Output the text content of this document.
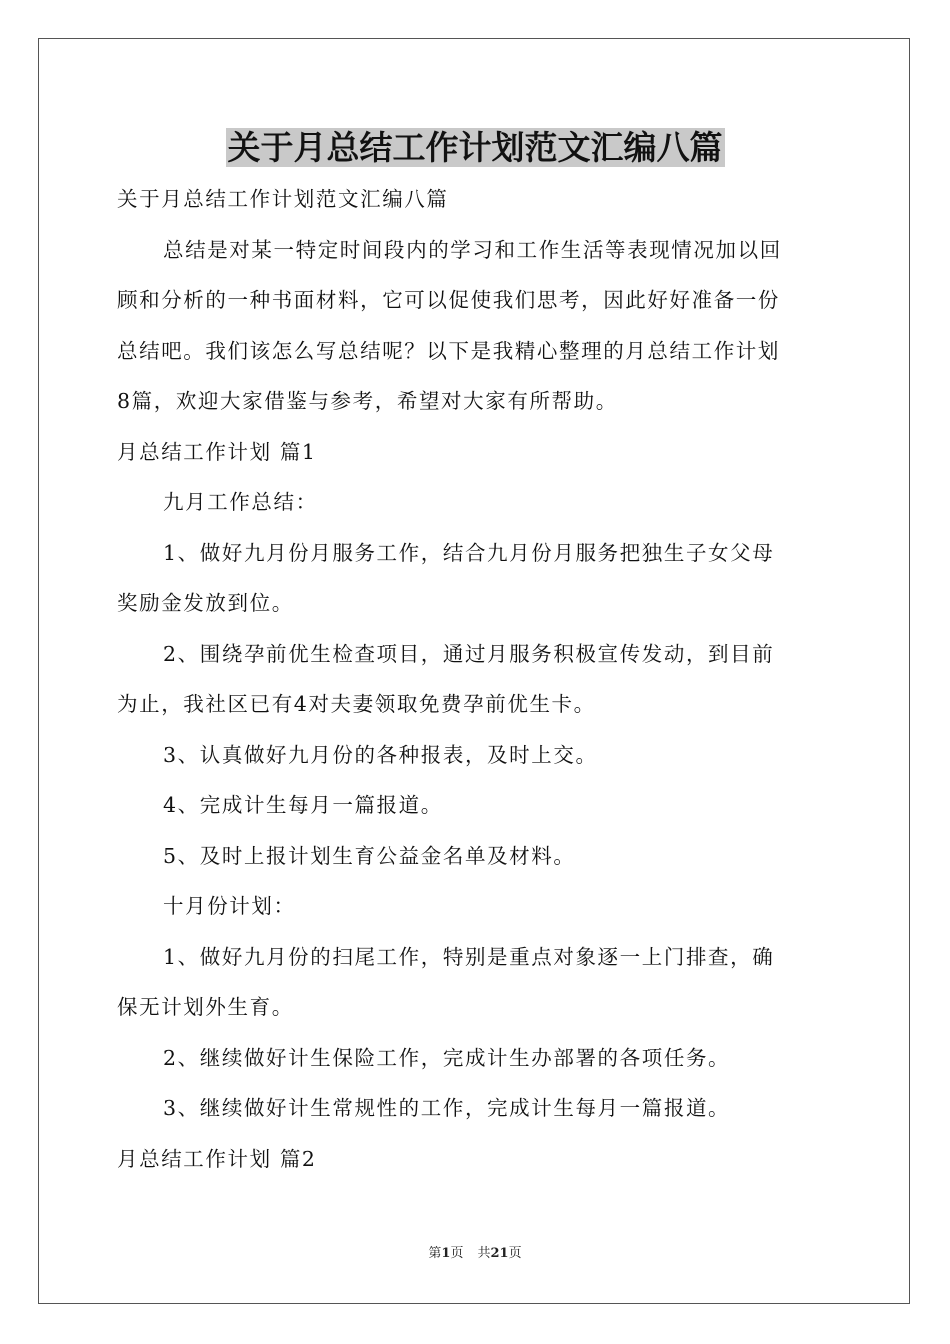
关于月总结工作计划范文汇编八篇
关于月总结工作计划范文汇编八篇
总结是对某一特定时间段内的学习和工作生活等表现情况加以回
顾和分析的一种书面材料，它可以促使我们思考，因此好好准备一份
总结吧。我们该怎么写总结呢？以下是我精心整理的月总结工作计划
8篇，欢迎大家借鉴与参考，希望对大家有所帮助。
月总结工作计划 篇1
九月工作总结：
1、做好九月份月服务工作，结合九月份月服务把独生子女父母
奖励金发放到位。
2、围绕孕前优生检查项目，通过月服务积极宣传发动，到目前
为止，我社区已有4对夫妻领取免费孕前优生卡。
3、认真做好九月份的各种报表，及时上交。
4、完成计生每月一篇报道。
5、及时上报计划生育公益金名单及材料。
十月份计划：
1、做好九月份的扫尾工作，特别是重点对象逐一上门排查，确
保无计划外生育。
2、继续做好计生保险工作，完成计生办部署的各项任务。
3、继续做好计生常规性的工作，完成计生每月一篇报道。
月总结工作计划 篇2
第1页 共21页
